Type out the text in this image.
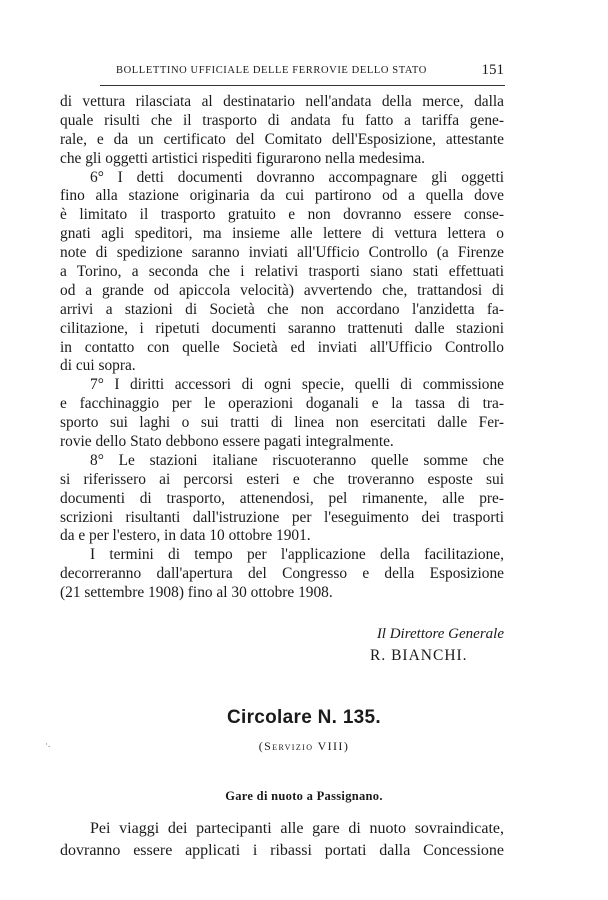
BOLLETTINO UFFICIALE DELLE FERROVIE DELLO STATO	151
di vettura rilasciata al destinatario nell'andata della merce, dalla
quale risulti che il trasporto di andata fu fatto a tariffa gene-
rale, e da un certificato del Comitato dell'Esposizione, attestante
che gli oggetti artistici rispediti figurarono nella medesima.
6° I detti documenti dovranno accompagnare gli oggetti
fino alla stazione originaria da cui partirono od a quella dove
è limitato il trasporto gratuito e non dovranno essere conse-
gnati agli speditori, ma insieme alle lettere di vettura lettera o
note di spedizione saranno inviati all'Ufficio Controllo (a Firenze
a Torino, a seconda che i relativi trasporti siano stati effettuati
od a grande od apiccola velocità) avvertendo che, trattandosi di
arrivi a stazioni di Società che non accordano l'anzidetta fa-
cilitazione, i ripetuti documenti saranno trattenuti dalle stazioni
in contatto con quelle Società ed inviati all'Ufficio Controllo
di cui sopra.
7° I diritti accessori di ogni specie, quelli di commissione
e facchinaggio per le operazioni doganali e la tassa di tra-
sporto sui laghi o sui tratti di linea non esercitati dalle Fer-
rovie dello Stato debbono essere pagati integralmente.
8° Le stazioni italiane riscuoteranno quelle somme che
si riferissero ai percorsi esteri e che troveranno esposte sui
documenti di trasporto, attenendosi, pel rimanente, alle pre-
scrizioni risultanti dall'istruzione per l'eseguimento dei trasporti
da e per l'estero, in data 10 ottobre 1901.
I termini di tempo per l'applicazione della facilitazione,
decorreranno dall'apertura del Congresso e della Esposizione
(21 settembre 1908) fino al 30 ottobre 1908.
Il Direttore Generale
R. BIANCHI.
Circolare N. 135.
·.	(Servizio VIII)
Gare di nuoto a Passignano.
Pei viaggi dei partecipanti alle gare di nuoto sovraindicate,
dovranno essere applicati i ribassi portati dalla Concessione
